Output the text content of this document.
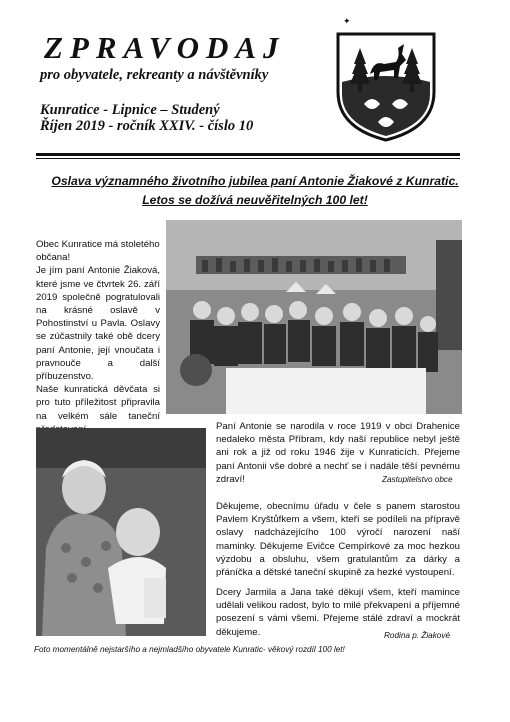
✦
ZPRAVODAJ
pro obyvatele, rekreanty a návštěvníky
Kunratice - Lipnice – Studený
Říjen 2019 - ročník XXIV. - číslo 10
Oslava významného životního jubilea paní Antonie Žiakové z Kunratic.
Letos se dožívá neuvěřitelných 100 let!
Obec Kunratice má stoletého
občana!
Je jím paní Antonie Žiaková, které jsme ve čtvrtek 26. září 2019 společně pogratulovali na krásné oslavě v Pohostinství u Pavla. Oslavy se zúčastnily také obě dcery paní Antonie, její vnoučata i pravnouče a další příbuzenstvo.
Naše kunratická děvčata si pro tuto příležitost připravila na velkém sále taneční
Paní Antonie se narodila v roce 1919 v obci Drahenice nedaleko města Příbram, kdy naší republice nebyl ještě ani rok a již od roku 1946 žije v Kunraticích. Přejeme paní Antonii vše dobré a nechť se i nadále těší pevnému zdraví!	Zastupitelstvo obce
Děkujeme, obecnímu úřadu v čele s panem starostou Pavlem Kryštůfkem a všem, kteří se podíleli na přípravě oslavy nadcházejícího 100 výročí narození naší maminky. Děkujeme Evičce Cempírkové za moc hezkou výzdobu a obsluhu, všem gratulantům za dárky a přáníčka a dětské taneční skupině za hezké vystoupení.
Dcery Jarmila a Jana také děkují všem, kteří mamince udělali velikou radost, bylo to milé překvapení a příjemné posezení s vámi všemi. Přejeme stálé zdraví a mockrát děkujeme.	Rodina p. Žiakové
Foto momentálně nejstaršího a nejmladšího obyvatele Kunratic- věkový rozdíl 100 let!
